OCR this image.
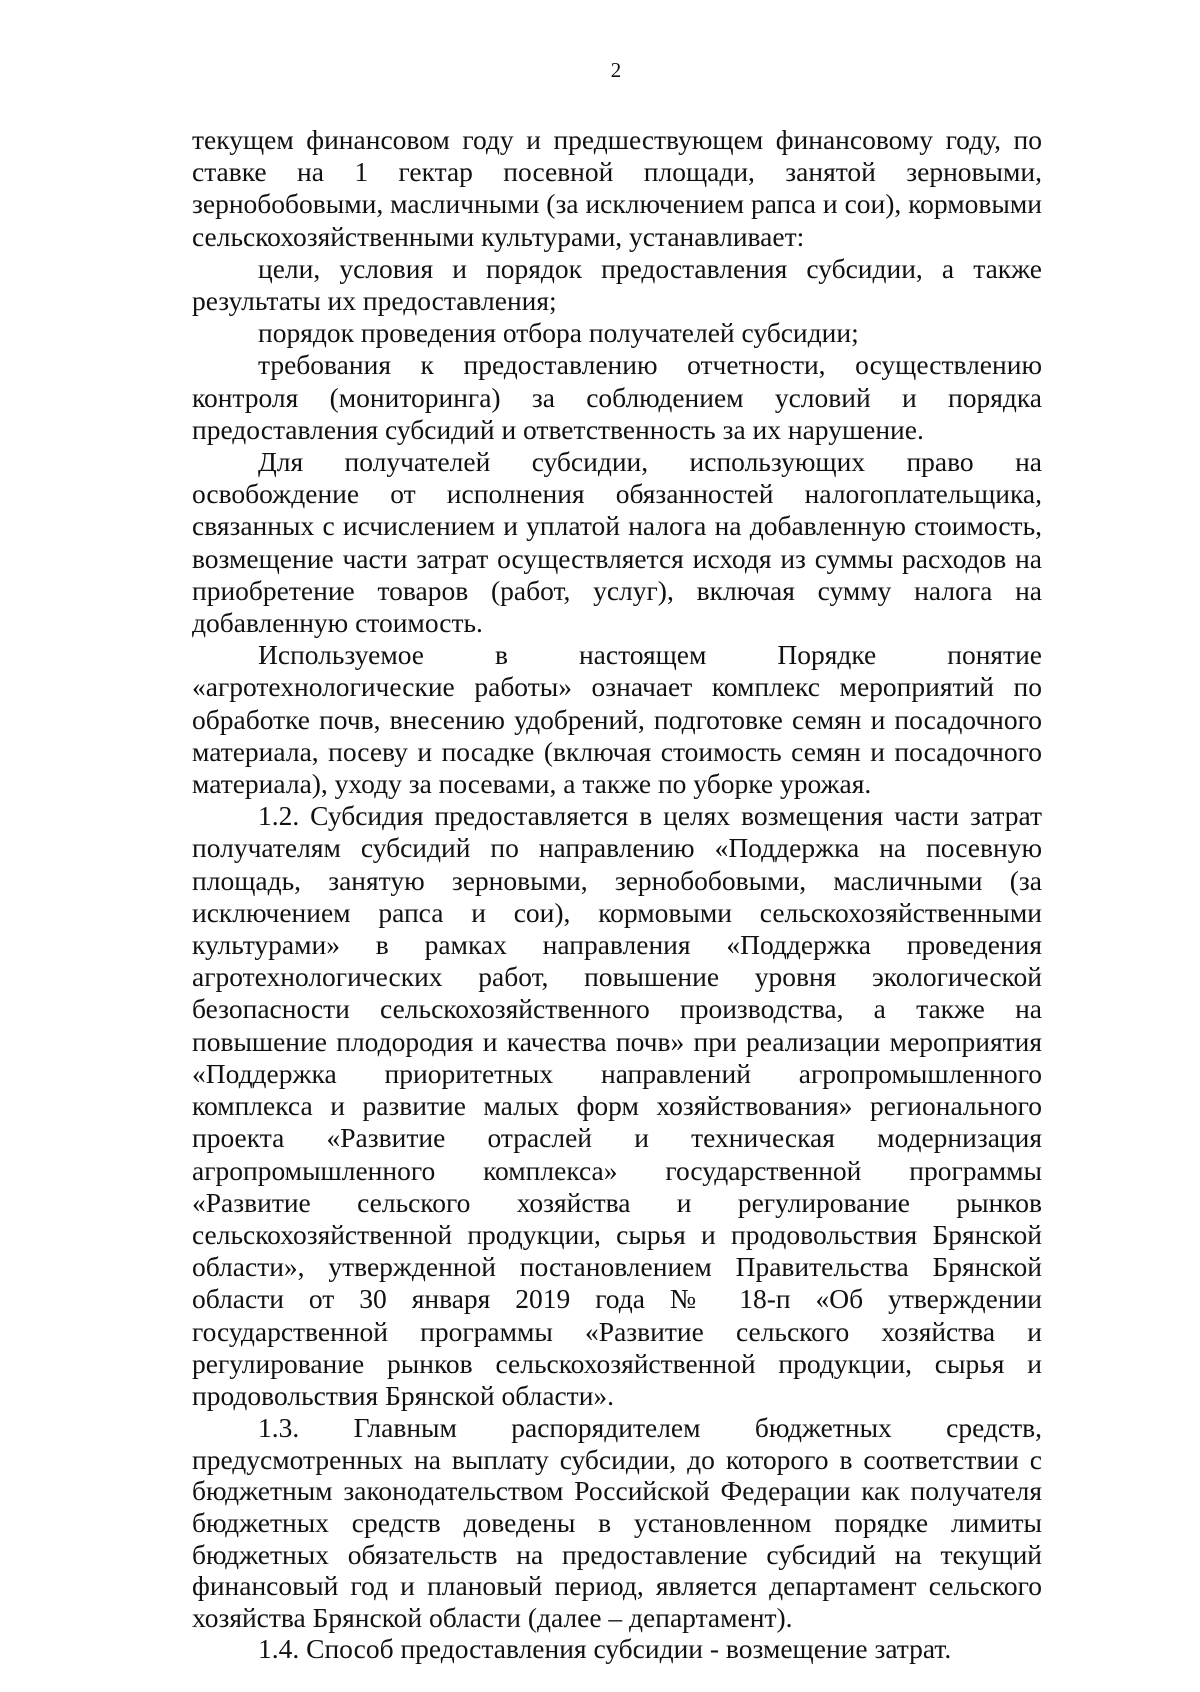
2

текущем финансовом году и предшествующем финансовому году, по ставке на 1 гектар посевной площади, занятой зерновыми, зернобобовыми, масличными (за исключением рапса и сои), кормовыми сельскохозяйственными культурами, устанавливает:

цели, условия и порядок предоставления субсидии, а также результаты их предоставления;

порядок проведения отбора получателей субсидии;

требования к предоставлению отчетности, осуществлению контроля (мониторинга) за соблюдением условий и порядка предоставления субсидий и ответственность за их нарушение.

Для получателей субсидии, использующих право на освобождение от исполнения обязанностей налогоплательщика, связанных с исчислением и уплатой налога на добавленную стоимость, возмещение части затрат осуществляется исходя из суммы расходов на приобретение товаров (работ, услуг), включая сумму налога на добавленную стоимость.

Используемое в настоящем Порядке понятие «агротехнологические работы» означает комплекс мероприятий по обработке почв, внесению удобрений, подготовке семян и посадочного материала, посеву и посадке (включая стоимость семян и посадочного материала), уходу за посевами, а также по уборке урожая.

1.2. Субсидия предоставляется в целях возмещения части затрат получателям субсидий по направлению «Поддержка на посевную площадь, занятую зерновыми, зернобобовыми, масличными (за исключением рапса и сои), кормовыми сельскохозяйственными культурами» в рамках направления «Поддержка проведения агротехнологических работ, повышение уровня экологической безопасности сельскохозяйственного производства, а также на повышение плодородия и качества почв» при реализации мероприятия «Поддержка приоритетных направлений агропромышленного комплекса и развитие малых форм хозяйствования» регионального проекта «Развитие отраслей и техническая модернизация агропромышленного комплекса» государственной программы «Развитие сельского хозяйства и регулирование рынков сельскохозяйственной продукции, сырья и продовольствия Брянской области», утвержденной постановлением Правительства Брянской области от 30 января 2019 года № 18-п «Об утверждении государственной программы «Развитие сельского хозяйства и регулирование рынков сельскохозяйственной продукции, сырья и продовольствия Брянской области».

1.3. Главным распорядителем бюджетных средств, предусмотренных на выплату субсидии, до которого в соответствии с бюджетным законодательством Российской Федерации как получателя бюджетных средств доведены в установленном порядке лимиты бюджетных обязательств на предоставление субсидий на текущий финансовый год и плановый период, является департамент сельского хозяйства Брянской области (далее – департамент).

1.4. Способ предоставления субсидии - возмещение затрат.
